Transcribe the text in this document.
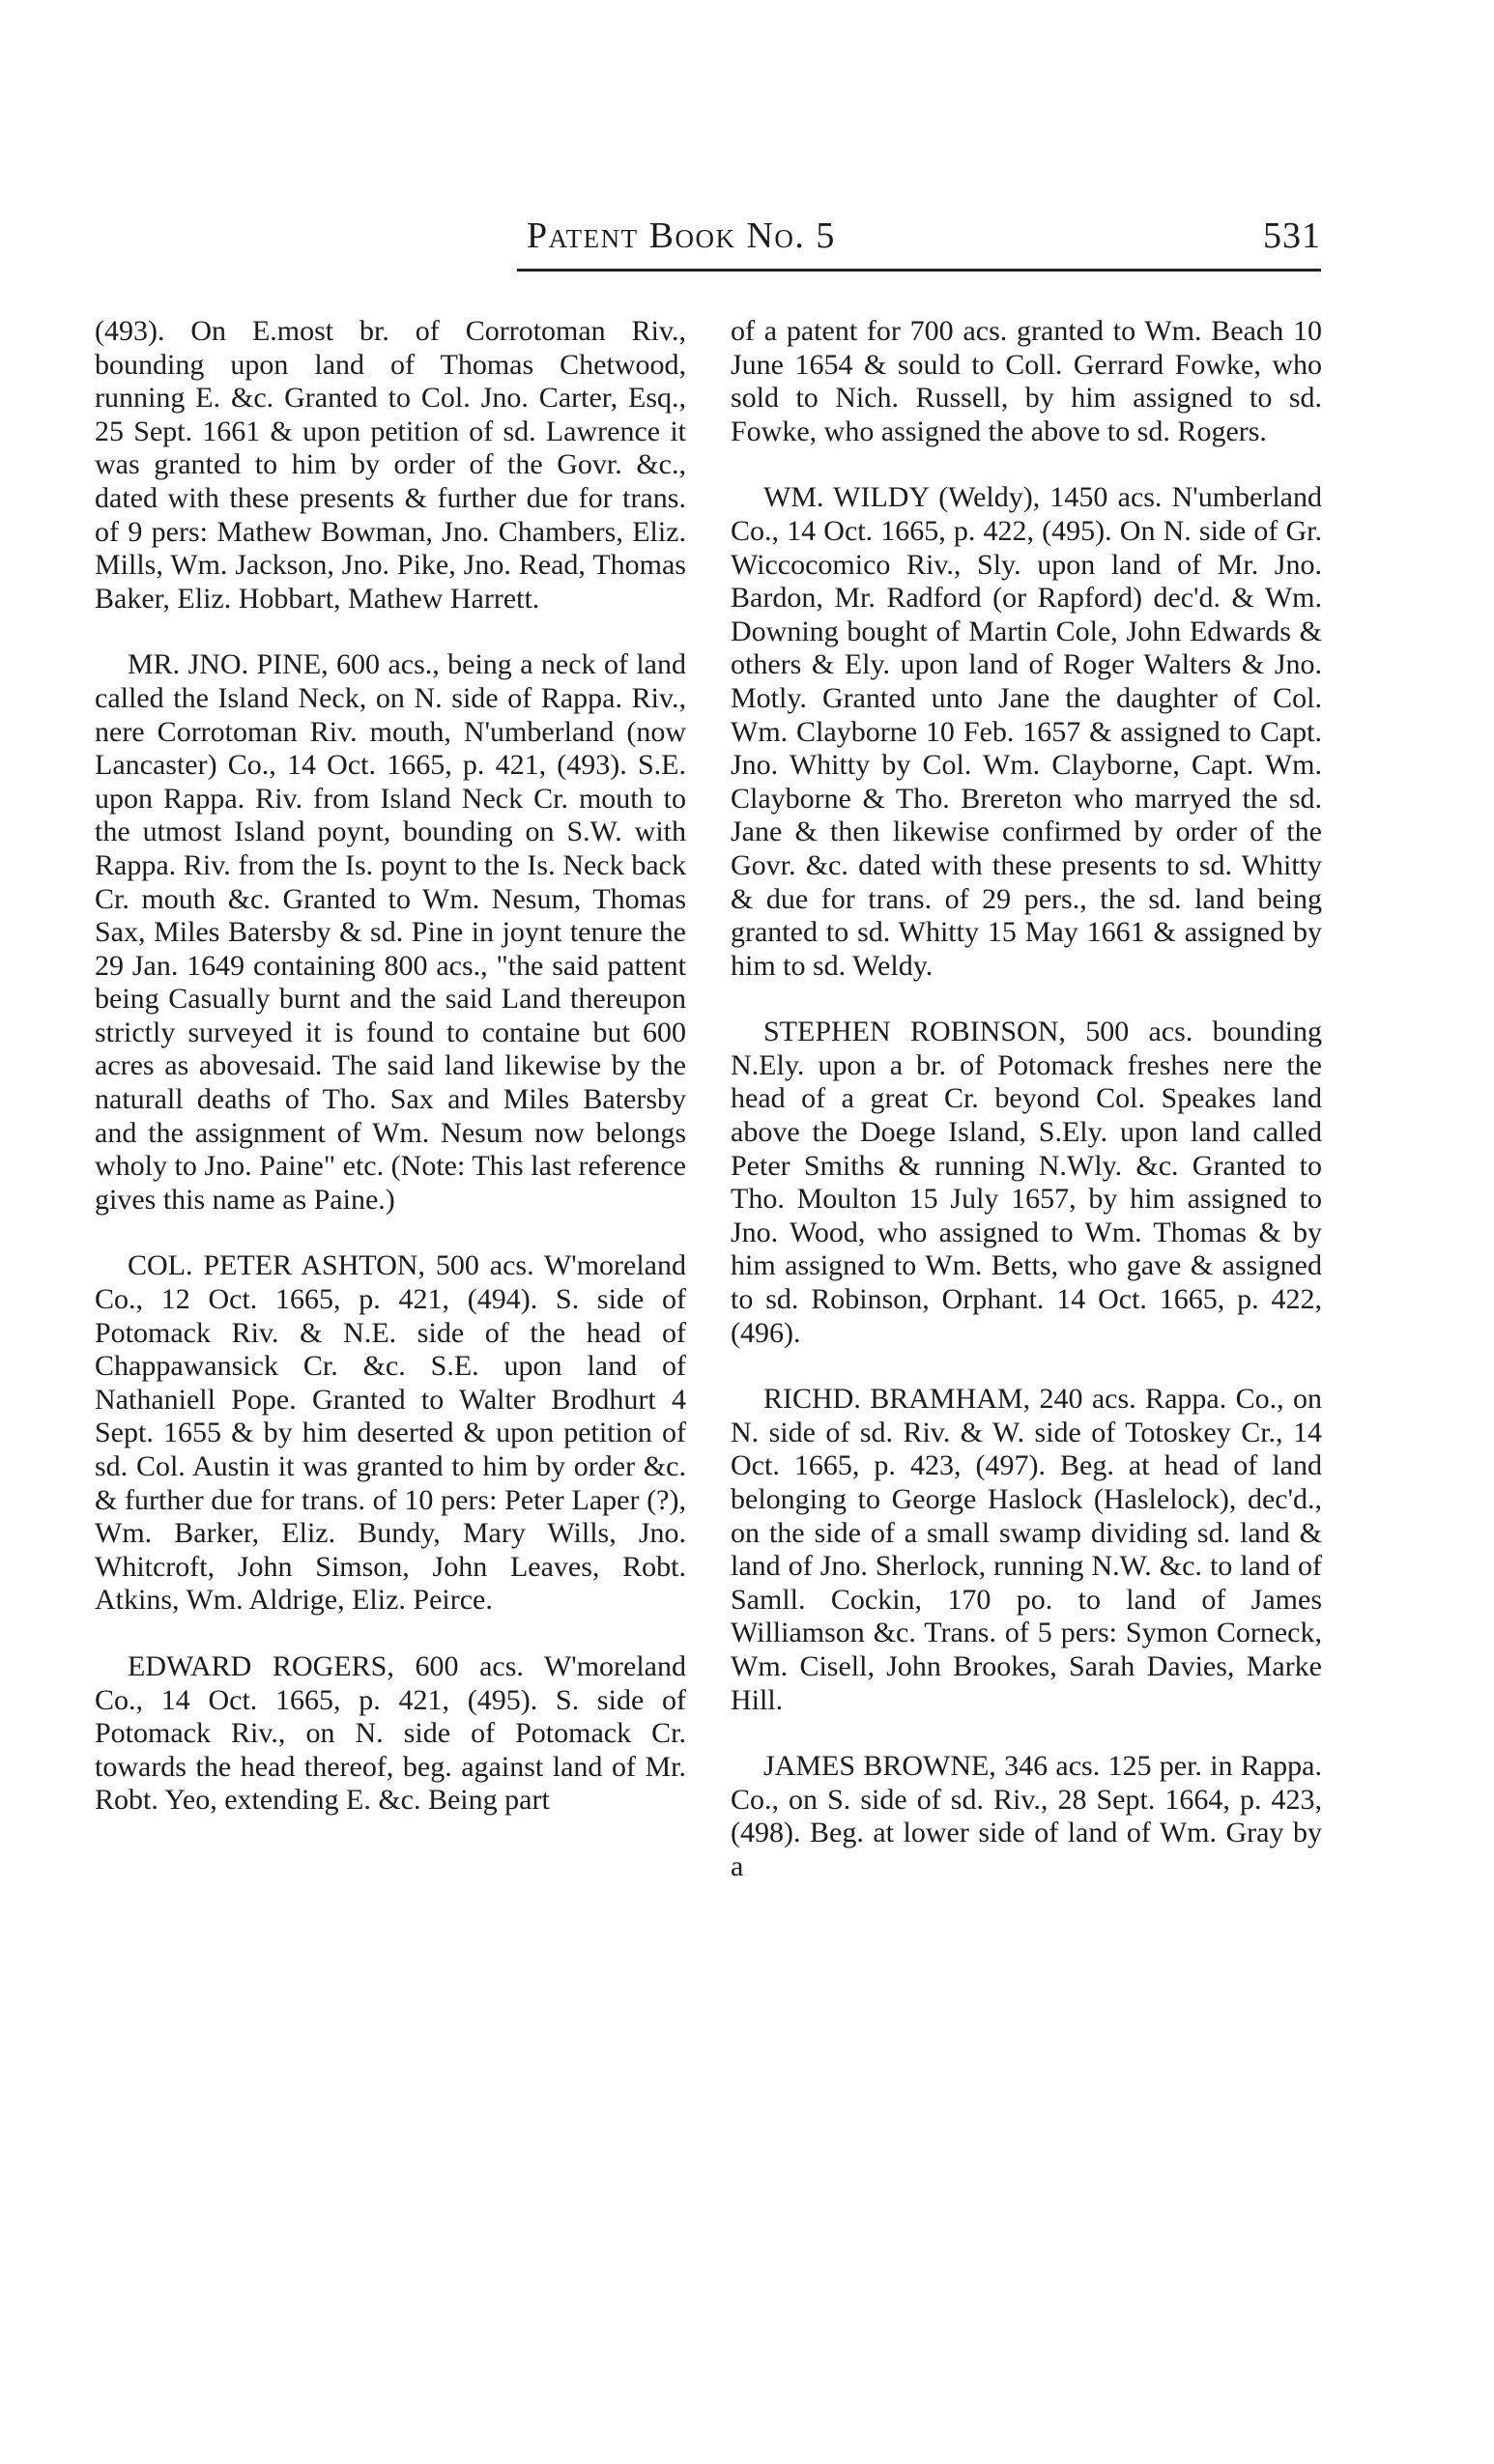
Patent Book No. 5	531

(493). On E.most br. of Corrotoman Riv., bounding upon land of Thomas Chetwood, running E. &c. Granted to Col. Jno. Carter, Esq., 25 Sept. 1661 & upon petition of sd. Lawrence it was granted to him by order of the Govr. &c., dated with these presents & further due for trans. of 9 pers: Mathew Bowman, Jno. Chambers, Eliz. Mills, Wm. Jackson, Jno. Pike, Jno. Read, Thomas Baker, Eliz. Hobbart, Mathew Harrett.

MR. JNO. PINE, 600 acs., being a neck of land called the Island Neck, on N. side of Rappa. Riv., nere Corrotoman Riv. mouth, N'umberland (now Lancaster) Co., 14 Oct. 1665, p. 421, (493). S.E. upon Rappa. Riv. from Island Neck Cr. mouth to the utmost Island poynt, bounding on S.W. with Rappa. Riv. from the Is. poynt to the Is. Neck back Cr. mouth &c. Granted to Wm. Nesum, Thomas Sax, Miles Batersby & sd. Pine in joynt tenure the 29 Jan. 1649 containing 800 acs., "the said pattent being Casually burnt and the said Land thereupon strictly surveyed it is found to containe but 600 acres as abovesaid. The said land likewise by the naturall deaths of Tho. Sax and Miles Batersby and the assignment of Wm. Nesum now belongs wholy to Jno. Paine" etc. (Note: This last reference gives this name as Paine.)

COL. PETER ASHTON, 500 acs. W'moreland Co., 12 Oct. 1665, p. 421, (494). S. side of Potomack Riv. & N.E. side of the head of Chappawansick Cr. &c. S.E. upon land of Nathaniell Pope. Granted to Walter Brodhurt 4 Sept. 1655 & by him deserted & upon petition of sd. Col. Austin it was granted to him by order &c. & further due for trans. of 10 pers: Peter Laper (?), Wm. Barker, Eliz. Bundy, Mary Wills, Jno. Whitcroft, John Simson, John Leaves, Robt. Atkins, Wm. Aldrige, Eliz. Peirce.

EDWARD ROGERS, 600 acs. W'moreland Co., 14 Oct. 1665, p. 421, (495). S. side of Potomack Riv., on N. side of Potomack Cr. towards the head thereof, beg. against land of Mr. Robt. Yeo, extending E. &c. Being part

of a patent for 700 acs. granted to Wm. Beach 10 June 1654 & sould to Coll. Gerrard Fowke, who sold to Nich. Russell, by him assigned to sd. Fowke, who assigned the above to sd. Rogers.

WM. WILDY (Weldy), 1450 acs. N'umberland Co., 14 Oct. 1665, p. 422, (495). On N. side of Gr. Wiccocomico Riv., Sly. upon land of Mr. Jno. Bardon, Mr. Radford (or Rapford) dec'd. & Wm. Downing bought of Martin Cole, John Edwards & others & Ely. upon land of Roger Walters & Jno. Motly. Granted unto Jane the daughter of Col. Wm. Clayborne 10 Feb. 1657 & assigned to Capt. Jno. Whitty by Col. Wm. Clayborne, Capt. Wm. Clayborne & Tho. Brereton who marryed the sd. Jane & then likewise confirmed by order of the Govr. &c. dated with these presents to sd. Whitty & due for trans. of 29 pers., the sd. land being granted to sd. Whitty 15 May 1661 & assigned by him to sd. Weldy.

STEPHEN ROBINSON, 500 acs. bounding N.Ely. upon a br. of Potomack freshes nere the head of a great Cr. beyond Col. Speakes land above the Doege Island, S.Ely. upon land called Peter Smiths & running N.Wly. &c. Granted to Tho. Moulton 15 July 1657, by him assigned to Jno. Wood, who assigned to Wm. Thomas & by him assigned to Wm. Betts, who gave & assigned to sd. Robinson, Orphant. 14 Oct. 1665, p. 422, (496).

RICHD. BRAMHAM, 240 acs. Rappa. Co., on N. side of sd. Riv. & W. side of Totoskey Cr., 14 Oct. 1665, p. 423, (497). Beg. at head of land belonging to George Haslock (Haslelock), dec'd., on the side of a small swamp dividing sd. land & land of Jno. Sherlock, running N.W. &c. to land of Samll. Cockin, 170 po. to land of James Williamson &c. Trans. of 5 pers: Symon Corneck, Wm. Cisell, John Brookes, Sarah Davies, Marke Hill.

JAMES BROWNE, 346 acs. 125 per. in Rappa. Co., on S. side of sd. Riv., 28 Sept. 1664, p. 423, (498). Beg. at lower side of land of Wm. Gray by a
